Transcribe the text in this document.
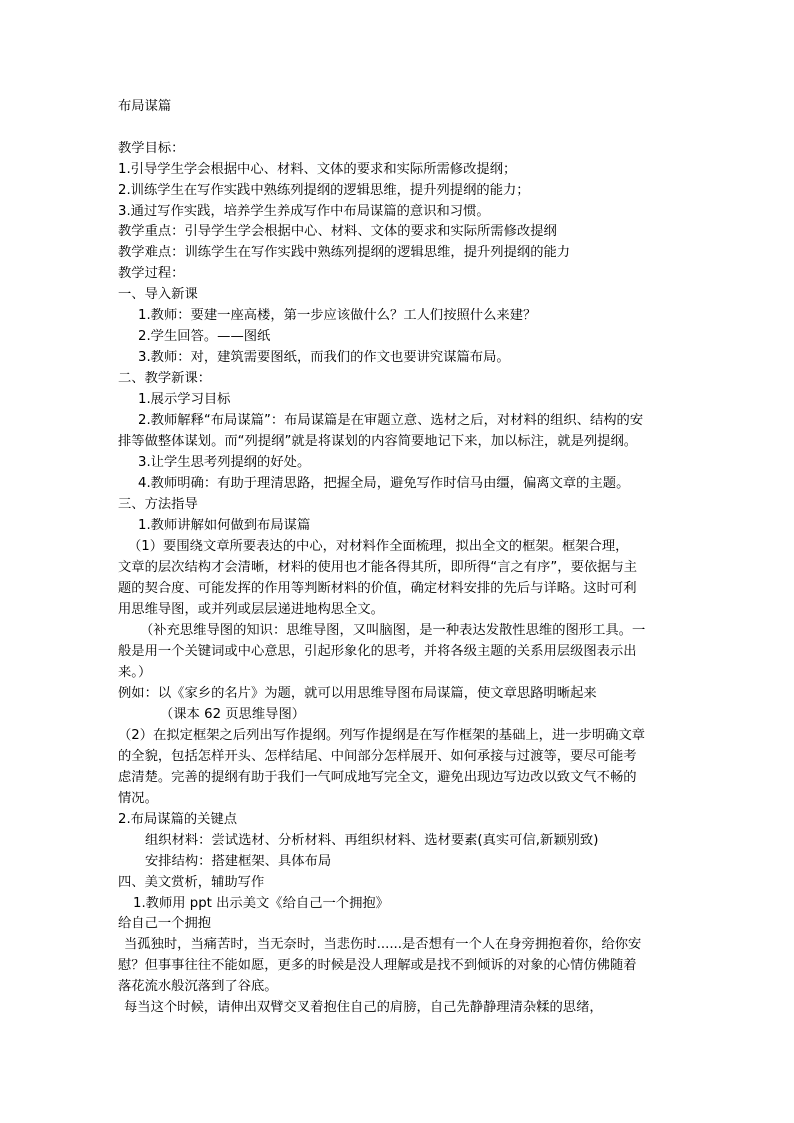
布局谋篇
教学目标：
1.引导学生学会根据中心、材料、文体的要求和实际所需修改提纲；
2.训练学生在写作实践中熟练列提纲的逻辑思维，提升列提纲的能力；
3.通过写作实践，培养学生养成写作中布局谋篇的意识和习惯。
教学重点：引导学生学会根据中心、材料、文体的要求和实际所需修改提纲
教学难点：训练学生在写作实践中熟练列提纲的逻辑思维，提升列提纲的能力
教学过程：
一、导入新课
1.教师：要建一座高楼，第一步应该做什么？工人们按照什么来建？
2.学生回答。——图纸
3.教师：对，建筑需要图纸，而我们的作文也要讲究谋篇布局。
二、教学新课：
1.展示学习目标
2.教师解释“布局谋篇”：布局谋篇是在审题立意、选材之后，对材料的组织、结构的安
排等做整体谋划。而“列提纲”就是将谋划的内容简要地记下来，加以标注，就是列提纲。
3.让学生思考列提纲的好处。
4.教师明确：有助于理清思路，把握全局，避免写作时信马由缰，偏离文章的主题。
三、方法指导
1.教师讲解如何做到布局谋篇
（1）要围绕文章所要表达的中心，对材料作全面梳理，拟出全文的框架。框架合理，
文章的层次结构才会清晰，材料的使用也才能各得其所，即所得“言之有序”，要依据与主
题的契合度、可能发挥的作用等判断材料的价值，确定材料安排的先后与详略。这时可利
用思维导图，或并列或层层递进地构思全文。
（补充思维导图的知识：思维导图，又叫脑图，是一种表达发散性思维的图形工具。一
般是用一个关键词或中心意思，引起形象化的思考，并将各级主题的关系用层级图表示出
来。）
例如：以《家乡的名片》为题，就可以用思维导图布局谋篇，使文章思路明晰起来
（课本 62 页思维导图）
（2）在拟定框架之后列出写作提纲。列写作提纲是在写作框架的基础上，进一步明确文章
的全貌，包括怎样开头、怎样结尾、中间部分怎样展开、如何承接与过渡等，要尽可能考
虑清楚。完善的提纲有助于我们一气呵成地写完全文，避免出现边写边改以致文气不畅的
情况。
2.布局谋篇的关键点
组织材料：尝试选材、分析材料、再组织材料、选材要素(真实可信,新颖别致)
安排结构：搭建框架、具体布局
四、美文赏析，辅助写作
1.教师用 ppt 出示美文《给自己一个拥抱》
给自己一个拥抱
当孤独时，当痛苦时，当无奈时，当悲伤时......是否想有一个人在身旁拥抱着你，给你安
慰？但事事往往不能如愿，更多的时候是没人理解或是找不到倾诉的对象的心情仿佛随着
落花流水般沉落到了谷底。
每当这个时候，请伸出双臂交叉着抱住自己的肩膀，自己先静静理清杂糅的思绪，
